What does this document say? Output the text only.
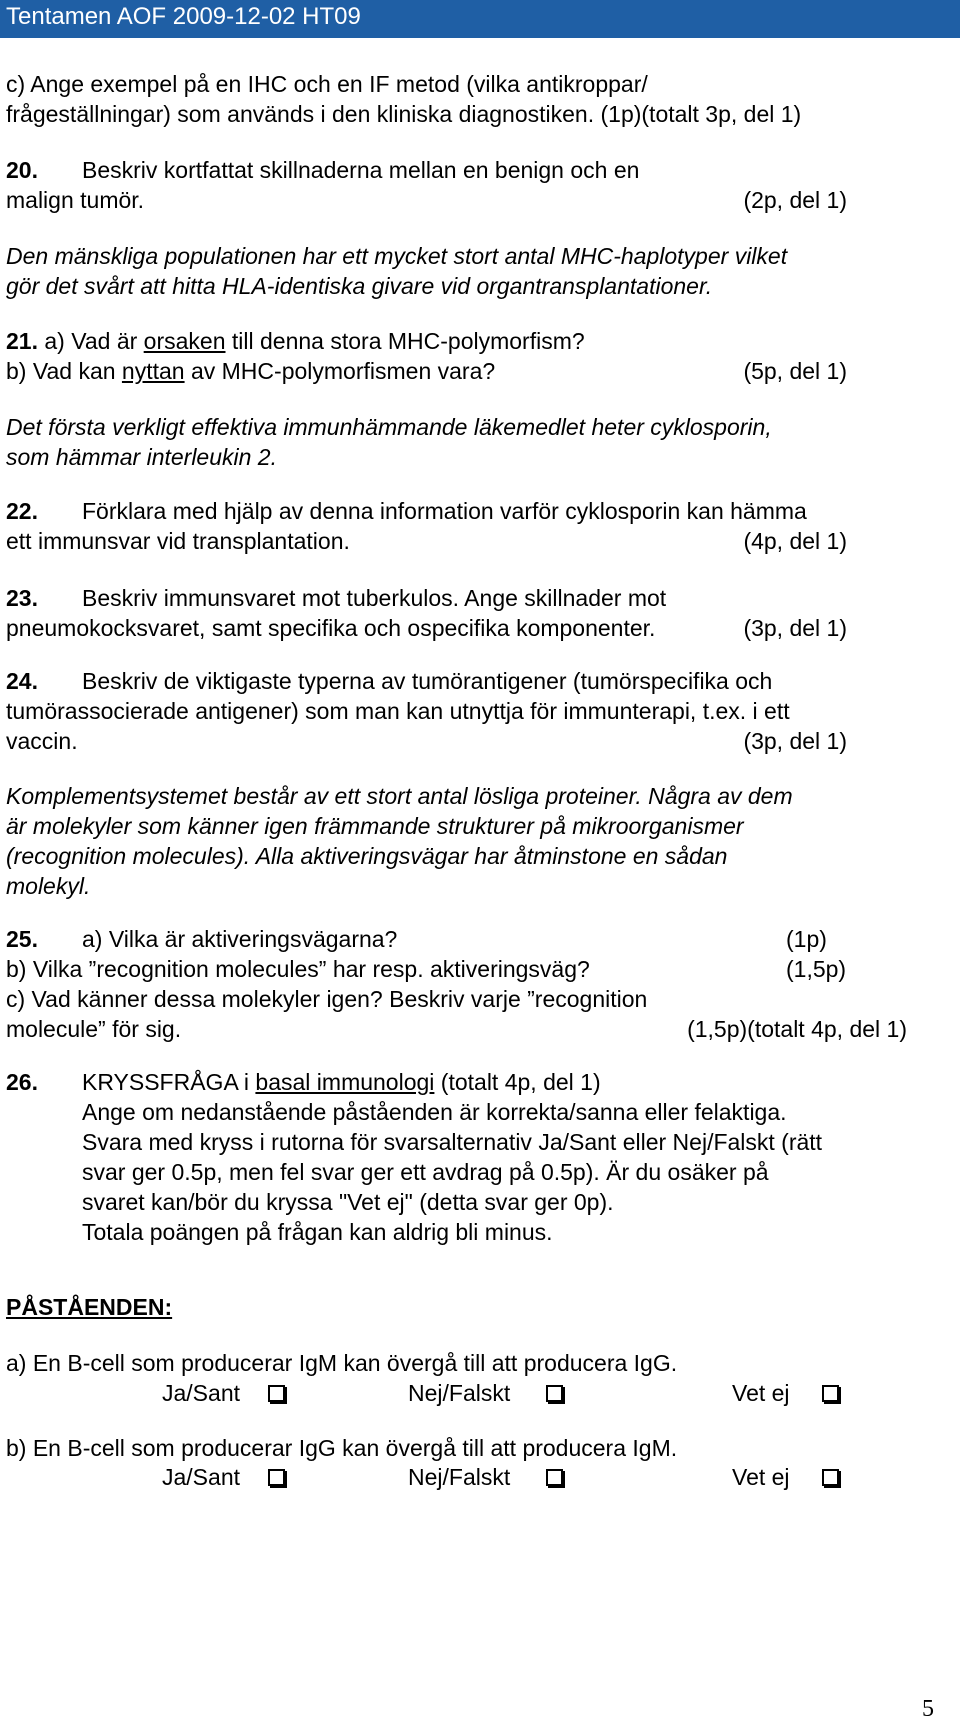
Tentamen AOF 2009-12-02 HT09
c) Ange exempel på en IHC och en IF metod (vilka antikroppar/
frågeställningar) som används i den kliniska diagnostiken. (1p)(totalt 3p, del 1)
20. Beskriv kortfattat skillnaderna mellan en benign och en
malign tumör.	(2p, del 1)
Den mänskliga populationen har ett mycket stort antal MHC-haplotyper vilket
gör det svårt att hitta HLA-identiska givare vid organtransplantationer.
21. a) Vad är orsaken till denna stora MHC-polymorfism?
b) Vad kan nyttan av MHC-polymorfismen vara?	(5p, del 1)
Det första verkligt effektiva immunhämmande läkemedlet heter cyklosporin,
som hämmar interleukin 2.
22. Förklara med hjälp av denna information varför cyklosporin kan hämma
ett immunsvar vid transplantation.	(4p, del 1)
23. Beskriv immunsvaret mot tuberkulos. Ange skillnader mot
pneumokocksvaret, samt specifika och ospecifika komponenter.	(3p, del 1)
24. Beskriv de viktigaste typerna av tumörantigener (tumörspecifika och
tumörassocierade antigener) som man kan utnyttja för immunterapi, t.ex. i ett
vaccin.	(3p, del 1)
Komplementsystemet består av ett stort antal lösliga proteiner. Några av dem
är molekyler som känner igen främmande strukturer på mikroorganismer
(recognition molecules). Alla aktiveringsvägar har åtminstone en sådan
molekyl.
25. a) Vilka är aktiveringsvägarna?	(1p)
b) Vilka ”recognition molecules” har resp. aktiveringsväg?	(1,5p)
c) Vad känner dessa molekyler igen? Beskriv varje ”recognition
molecule” för sig.	(1,5p)(totalt 4p, del 1)
26. KRYSSFRÅGA i basal immunologi (totalt 4p, del 1)
Ange om nedanstående påståenden är korrekta/sanna eller felaktiga.
Svara med kryss i rutorna för svarsalternativ Ja/Sant eller Nej/Falskt (rätt
svar ger 0.5p, men fel svar ger ett avdrag på 0.5p). Är du osäker på
svaret kan/bör du kryssa "Vet ej" (detta svar ger 0p).
Totala poängen på frågan kan aldrig bli minus.
PÅSTÅENDEN:
a) En B-cell som producerar IgM kan övergå till att producera IgG.
Ja/Sant	Nej/Falskt	Vet ej
b) En B-cell som producerar IgG kan övergå till att producera IgM.
Ja/Sant	Nej/Falskt	Vet ej
5
